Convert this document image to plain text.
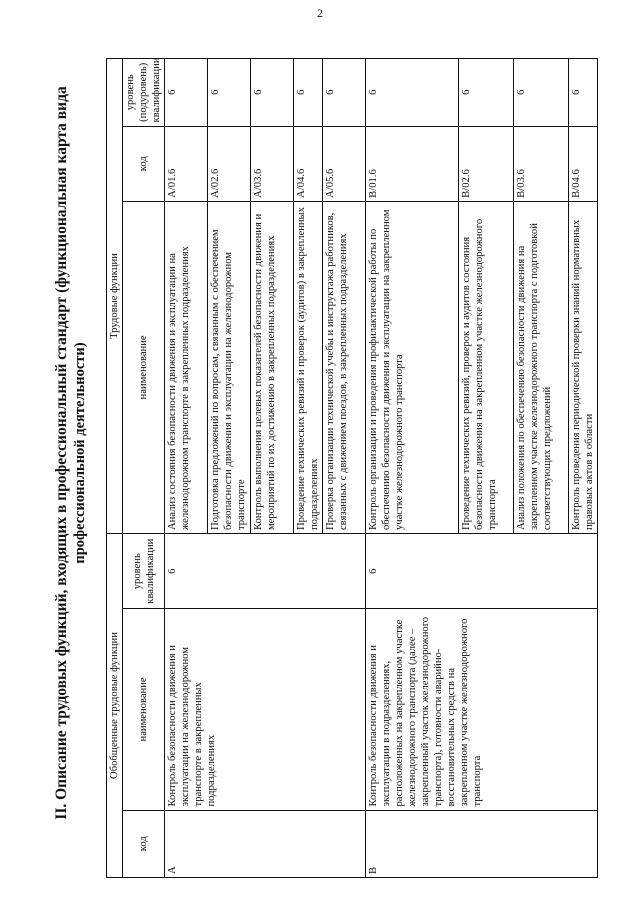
2
II. Описание трудовых функций, входящих в профессиональный стандарт (функциональная карта вида профессиональной деятельности)
Обобщенные трудовые функции			Трудовые функции		
код	наименование	уровень квалификации	наименование	код	уровень (подуровень) квалификации
A	Контроль безопасности движения и эксплуатации на железнодорожном транспорте в закрепленных подразделениях	6	Анализ состояния безопасности движения и эксплуатации на железнодорожном транспорте в закрепленных подразделениях	A/01.6	6

			Подготовка предложений по вопросам, связанным с обеспечением безопасности движения и эксплуатации на железнодорожном транспорте	A/02.6	6

			Контроль выполнения целевых показателей безопасности движения и мероприятий по их достижению в закрепленных подразделениях	A/03.6	6

			Проведение технических ревизий и проверок (аудитов) в закрепленных подразделениях	A/04.6	6

			Проверка организации технической учебы и инструктажа работников, связанных с движением поездов, в закрепленных подразделениях	A/05.6	6
B	Контроль безопасности движения и эксплуатации в подразделениях, расположенных на закрепленном участке железнодорожного транспорта (далее – закрепленный участок железнодорожного транспорта), готовности аварийно-восстановительных средств на закрепленном участке железнодорожного транспорта	6	Контроль организации и проведения профилактической работы по обеспечению безопасности движения и эксплуатации на закрепленном участке железнодорожного транспорта	B/01.6	6

			Проведение технических ревизий, проверок и аудитов состояния безопасности движения на закрепленном участке железнодорожного транспорта	B/02.6	6

			Анализ положения по обеспечению безопасности движения на закрепленном участке железнодорожного транспорта с подготовкой соответствующих предложений	B/03.6	6

			Контроль проведения периодической проверки знаний нормативных правовых актов в области	B/04.6	6
